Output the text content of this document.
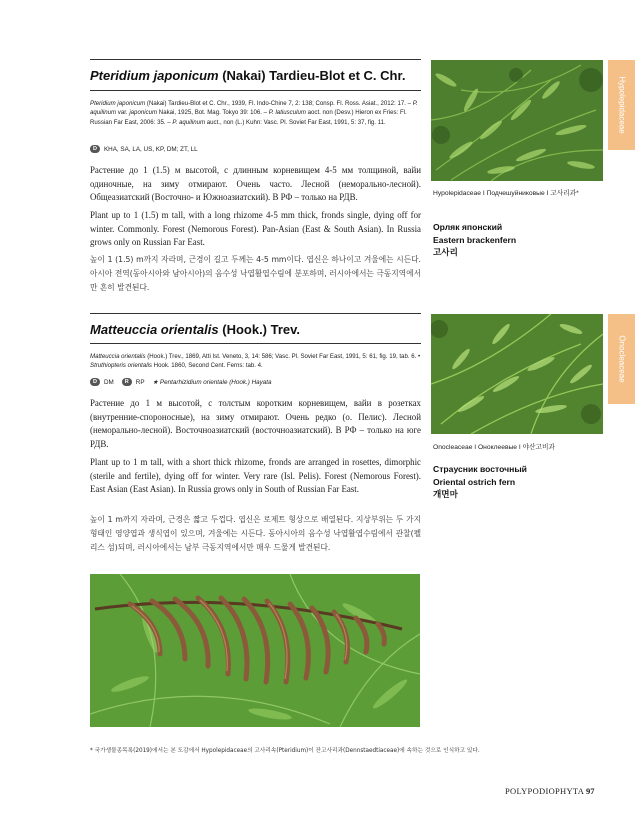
Pteridium japonicum (Nakai) Tardieu-Blot et C. Chr.
Pteridium japonicum (Nakai) Tardieu-Blot et C. Chr., 1939, Fl. Indo-Chine 7, 2: 138; Consp. Fl. Ross. Asiat., 2012: 17. – P. aquilinum var. japonicum Nakai, 1925, Bot. Mag. Tokyo 39: 106. – P. latiusculum aoct. non (Desv.) Hieron ex Fries: Fl. Russian Far East, 2006: 35. – P. aquilinum auct., non (L.) Kuhn: Vasc. Pl. Soviet Far East, 1991, 5: 37, fig. 11.
D	KHA, SA, LA, US, KP, DM; ZT, LL
Растение до 1 (1.5) м высотой, с длинным корневищем 4-5 мм толщиной, вайи одиночные, на зиму отмирают. Очень часто. Лесной (неморально-лесной). Общеазиатский (Восточно- и Южноазиатский). В РФ – только на РДВ.
Plant up to 1 (1.5) m tall, with a long rhizome 4-5 mm thick, fronds single, dying off for winter. Commonly. Forest (Nemorous Forest). Pan-Asian (East & South Asian). In Russia grows only on Russian Far East.
높이 1 (1.5) m까지 자라며, 근경이 길고 두께는 4-5 mm이다. 엽신은 하나이고 겨울에는 시든다. 아시아 전역(동아시아와 남아시아)의 음수성 낙엽활엽수림에 분포하며, 러시아에서는 극동지역에서만 흔히 발견된다.
Hypolepidaceae
Hypolepidaceae I Подчешуйниковые I 고사리과*
Орляк японский
Eastern brackenfern
고사리
Matteuccia orientalis (Hook.) Trev.
Matteuccia orientalis (Hook.) Trev., 1869, Atti Ist. Veneto, 3, 14: 586; Vasc. Pl. Soviet Far East, 1991, 5: 61, fig. 19, tab. 6. • Struthiopteris orientalis Hook. 1860, Second Cent. Ferns: tab. 4.
D	DM	R	RP ★ Pentarhizidium orientale (Hook.) Hayata
Растение до 1 м высотой, с толстым коротким корневищем, вайи в розетках (внутренние-спороносные), на зиму отмирают. Очень редко (о. Пелис). Лесной (неморально-лесной). Восточноазиатский (восточноазиатский). В РФ – только на юге РДВ.
Plant up to 1 m tall, with a short thick rhizome, fronds are arranged in rosettes, dimorphic (sterile and fertile), dying off for winter. Very rare (Isl. Pelis). Forest (Nemorous Forest). East Asian (East Asian). In Russia grows only in South of Russian Far East.
높이 1 m까지 자라며, 근경은 짧고 두껍다. 엽신은 로제트 형상으로 배열된다. 지상부위는 두 가지 형태인 영양엽과 생식엽이 있으며, 겨울에는 시든다. 동아시아의 음수성 낙엽활엽수림에서 관찰(펠리스 섬)되며, 러시아에서는 남부 극동지역에서만 매우 드물게 발견된다.
Onocleaceae
Onocleaceae I Оноклеевые I 야산고비과
Страусник восточный
Oriental ostrich fern
개면마
* 국가생물종목록(2019)에서는 본 도감에서 Hypolepidaceae의 고사리속(Pteridium)이 잔고사리과(Dennstaedtiaceae)에 속하는 것으로 인식하고 있다.
POLYPODIOPHYTA 97
